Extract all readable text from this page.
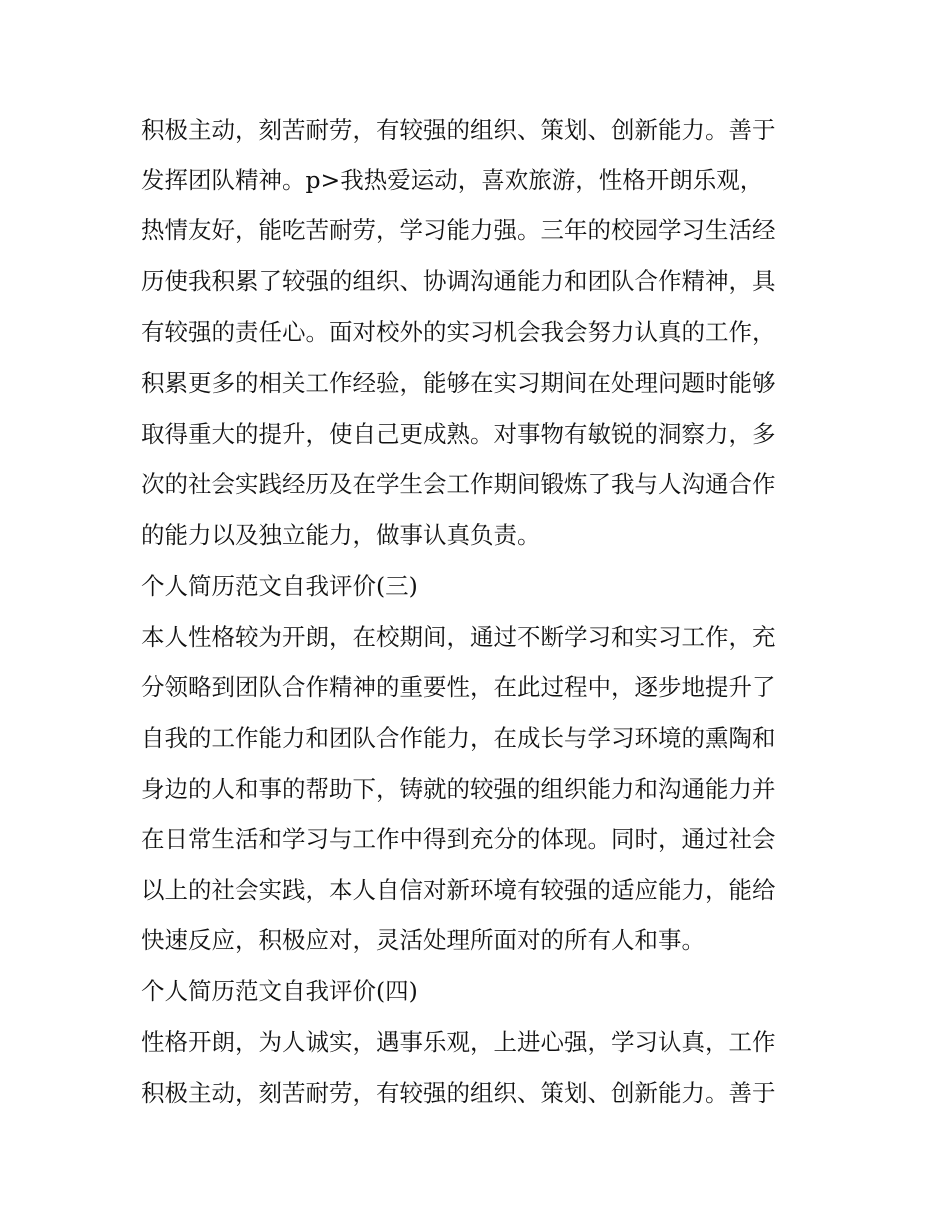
积极主动，刻苦耐劳，有较强的组织、策划、创新能力。善于
发挥团队精神。p>我热爱运动，喜欢旅游，性格开朗乐观，
热情友好，能吃苦耐劳，学习能力强。三年的校园学习生活经
历使我积累了较强的组织、协调沟通能力和团队合作精神，具
有较强的责任心。面对校外的实习机会我会努力认真的工作，
积累更多的相关工作经验，能够在实习期间在处理问题时能够
取得重大的提升，使自己更成熟。对事物有敏锐的洞察力，多
次的社会实践经历及在学生会工作期间锻炼了我与人沟通合作
的能力以及独立能力，做事认真负责。
个人简历范文自我评价(三)
本人性格较为开朗，在校期间，通过不断学习和实习工作，充
分领略到团队合作精神的重要性，在此过程中，逐步地提升了
自我的工作能力和团队合作能力，在成长与学习环境的熏陶和
身边的人和事的帮助下，铸就的较强的组织能力和沟通能力并
在日常生活和学习与工作中得到充分的体现。同时，通过社会
以上的社会实践，本人自信对新环境有较强的适应能力，能给
快速反应，积极应对，灵活处理所面对的所有人和事。
个人简历范文自我评价(四)
性格开朗，为人诚实，遇事乐观，上进心强，学习认真，工作
积极主动，刻苦耐劳，有较强的组织、策划、创新能力。善于
